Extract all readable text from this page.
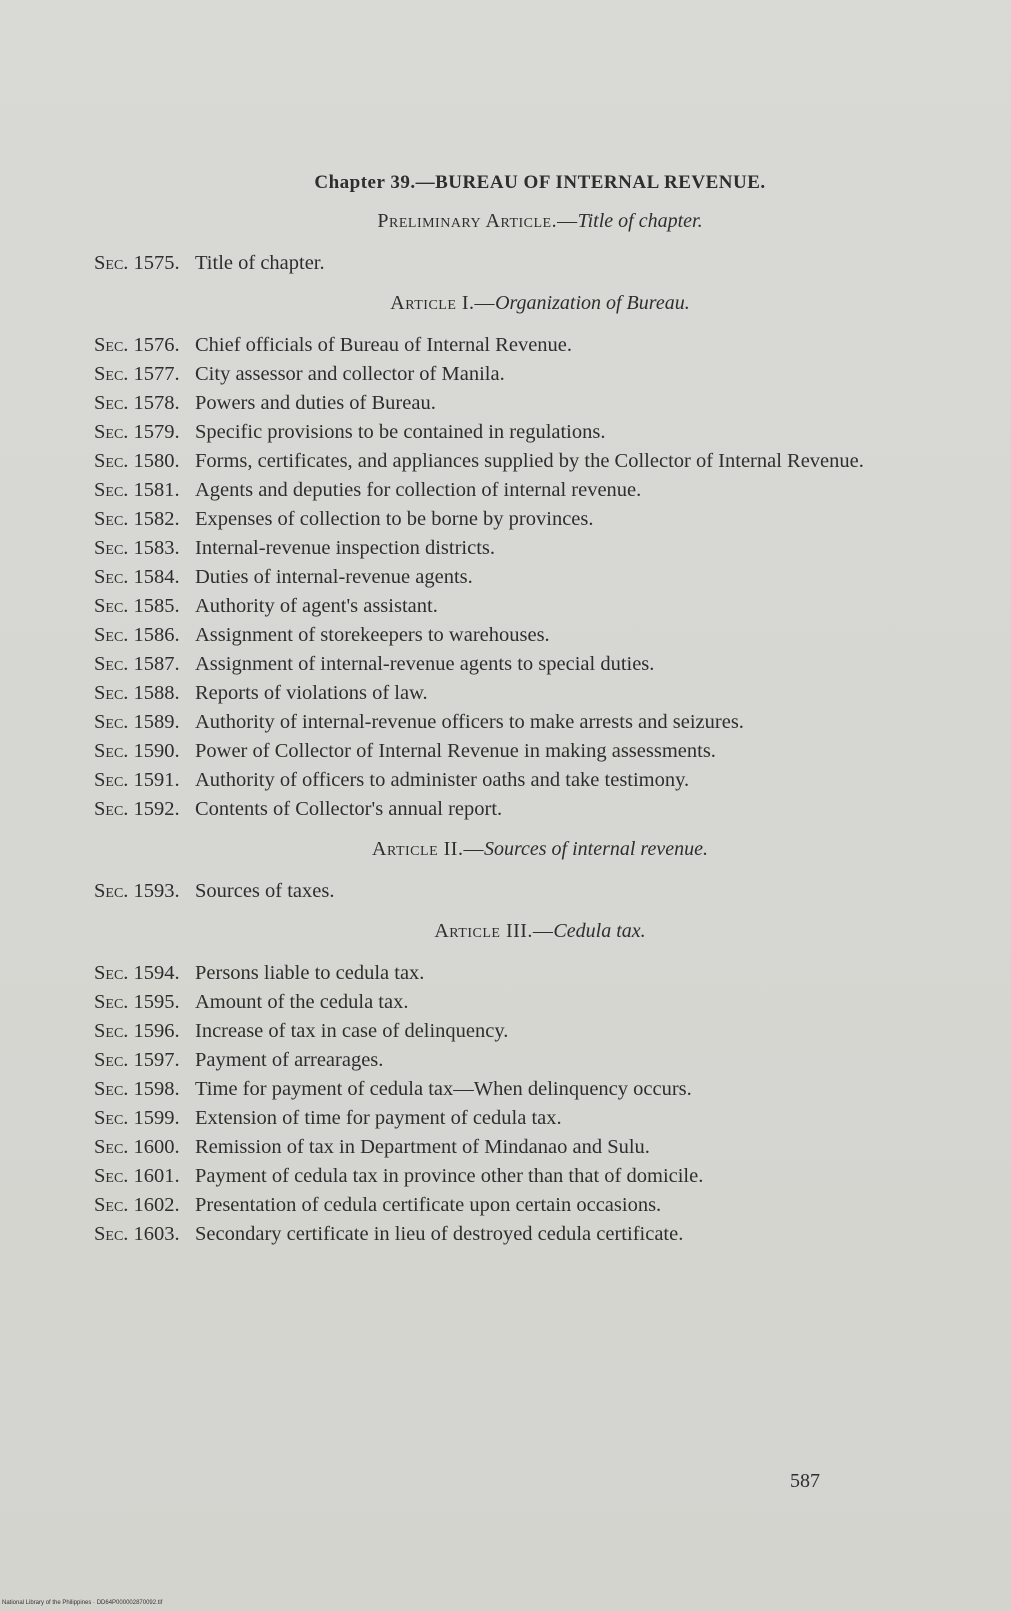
Chapter 39.—BUREAU OF INTERNAL REVENUE.
Preliminary Article.—Title of chapter.
Sec. 1575. Title of chapter.
Article I.—Organization of Bureau.
Sec. 1576. Chief officials of Bureau of Internal Revenue.
Sec. 1577. City assessor and collector of Manila.
Sec. 1578. Powers and duties of Bureau.
Sec. 1579. Specific provisions to be contained in regulations.
Sec. 1580. Forms, certificates, and appliances supplied by the Collector of Internal Revenue.
Sec. 1581. Agents and deputies for collection of internal revenue.
Sec. 1582. Expenses of collection to be borne by provinces.
Sec. 1583. Internal-revenue inspection districts.
Sec. 1584. Duties of internal-revenue agents.
Sec. 1585. Authority of agent's assistant.
Sec. 1586. Assignment of storekeepers to warehouses.
Sec. 1587. Assignment of internal-revenue agents to special duties.
Sec. 1588. Reports of violations of law.
Sec. 1589. Authority of internal-revenue officers to make arrests and seizures.
Sec. 1590. Power of Collector of Internal Revenue in making assessments.
Sec. 1591. Authority of officers to administer oaths and take testimony.
Sec. 1592. Contents of Collector's annual report.
Article II.—Sources of internal revenue.
Sec. 1593. Sources of taxes.
Article III.—Cedula tax.
Sec. 1594. Persons liable to cedula tax.
Sec. 1595. Amount of the cedula tax.
Sec. 1596. Increase of tax in case of delinquency.
Sec. 1597. Payment of arrearages.
Sec. 1598. Time for payment of cedula tax—When delinquency occurs.
Sec. 1599. Extension of time for payment of cedula tax.
Sec. 1600. Remission of tax in Department of Mindanao and Sulu.
Sec. 1601. Payment of cedula tax in province other than that of domicile.
Sec. 1602. Presentation of cedula certificate upon certain occasions.
Sec. 1603. Secondary certificate in lieu of destroyed cedula certificate.
587
National Library of the Philippines · DD64P000002870092.tif
